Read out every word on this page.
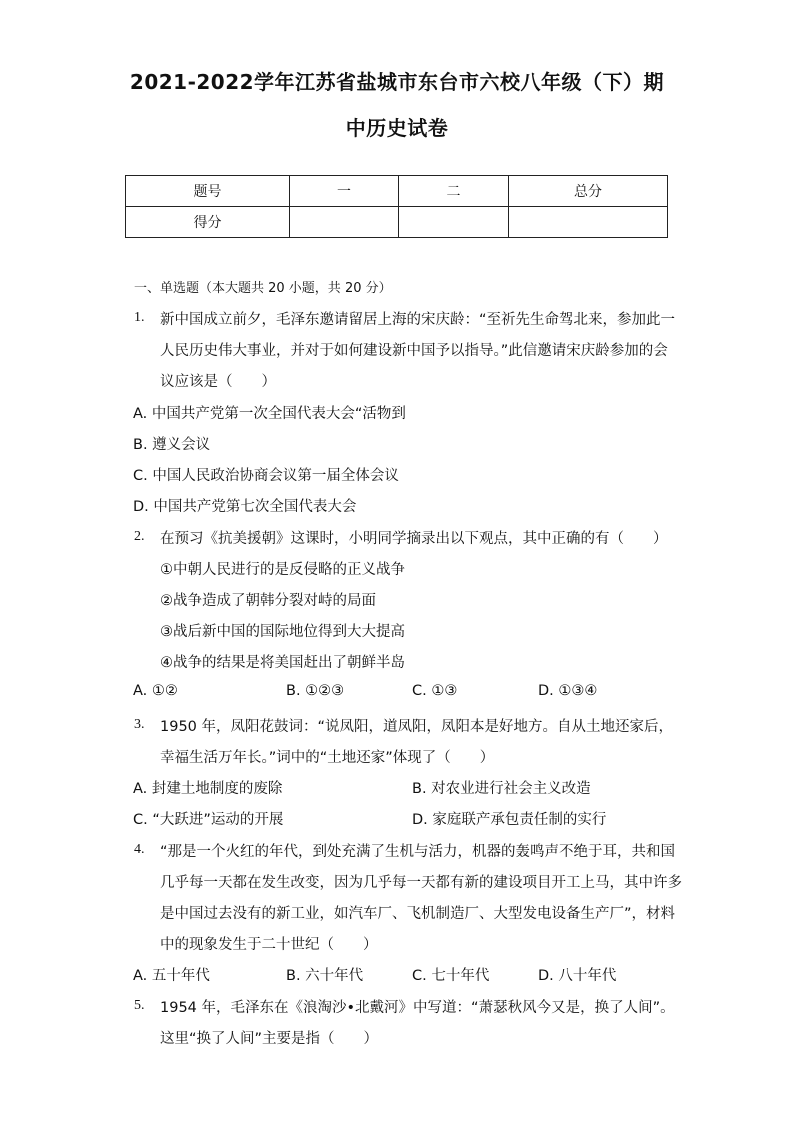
2021-2022学年江苏省盐城市东台市六校八年级（下）期
中历史试卷
题号	一	二	总分
得分			
一、单选题（本大题共 20 小题，共 20 分）
1. 新中国成立前夕，毛泽东邀请留居上海的宋庆龄：“至祈先生命驾北来，参加此一
人民历史伟大事业，并对于如何建设新中国予以指导。”此信邀请宋庆龄参加的会
议应该是（　　）
A. 中国共产党第一次全国代表大会“活物到
B. 遵义会议
C. 中国人民政治协商会议第一届全体会议
D. 中国共产党第七次全国代表大会
2. 在预习《抗美援朝》这课时，小明同学摘录出以下观点，其中正确的有（　　）
①中朝人民进行的是反侵略的正义战争
②战争造成了朝韩分裂对峙的局面
③战后新中国的国际地位得到大大提高
④战争的结果是将美国赶出了朝鲜半岛
A. ①②	B. ①②③	C. ①③	D. ①③④
3. 1950 年，凤阳花鼓词：“说凤阳，道凤阳，凤阳本是好地方。自从土地还家后，
幸福生活万年长。”词中的“土地还家”体现了（　　）
A. 封建土地制度的废除	B. 对农业进行社会主义改造
C. “大跃进”运动的开展	D. 家庭联产承包责任制的实行
4. “那是一个火红的年代，到处充满了生机与活力，机器的轰鸣声不绝于耳，共和国
几乎每一天都在发生改变，因为几乎每一天都有新的建设项目开工上马，其中许多
是中国过去没有的新工业，如汽车厂、飞机制造厂、大型发电设备生产厂”，材料
中的现象发生于二十世纪（　　）
A. 五十年代	B. 六十年代	C. 七十年代	D. 八十年代
5. 1954 年，毛泽东在《浪淘沙•北戴河》中写道：“萧瑟秋风今又是，换了人间”。
这里“换了人间”主要是指（　　）
